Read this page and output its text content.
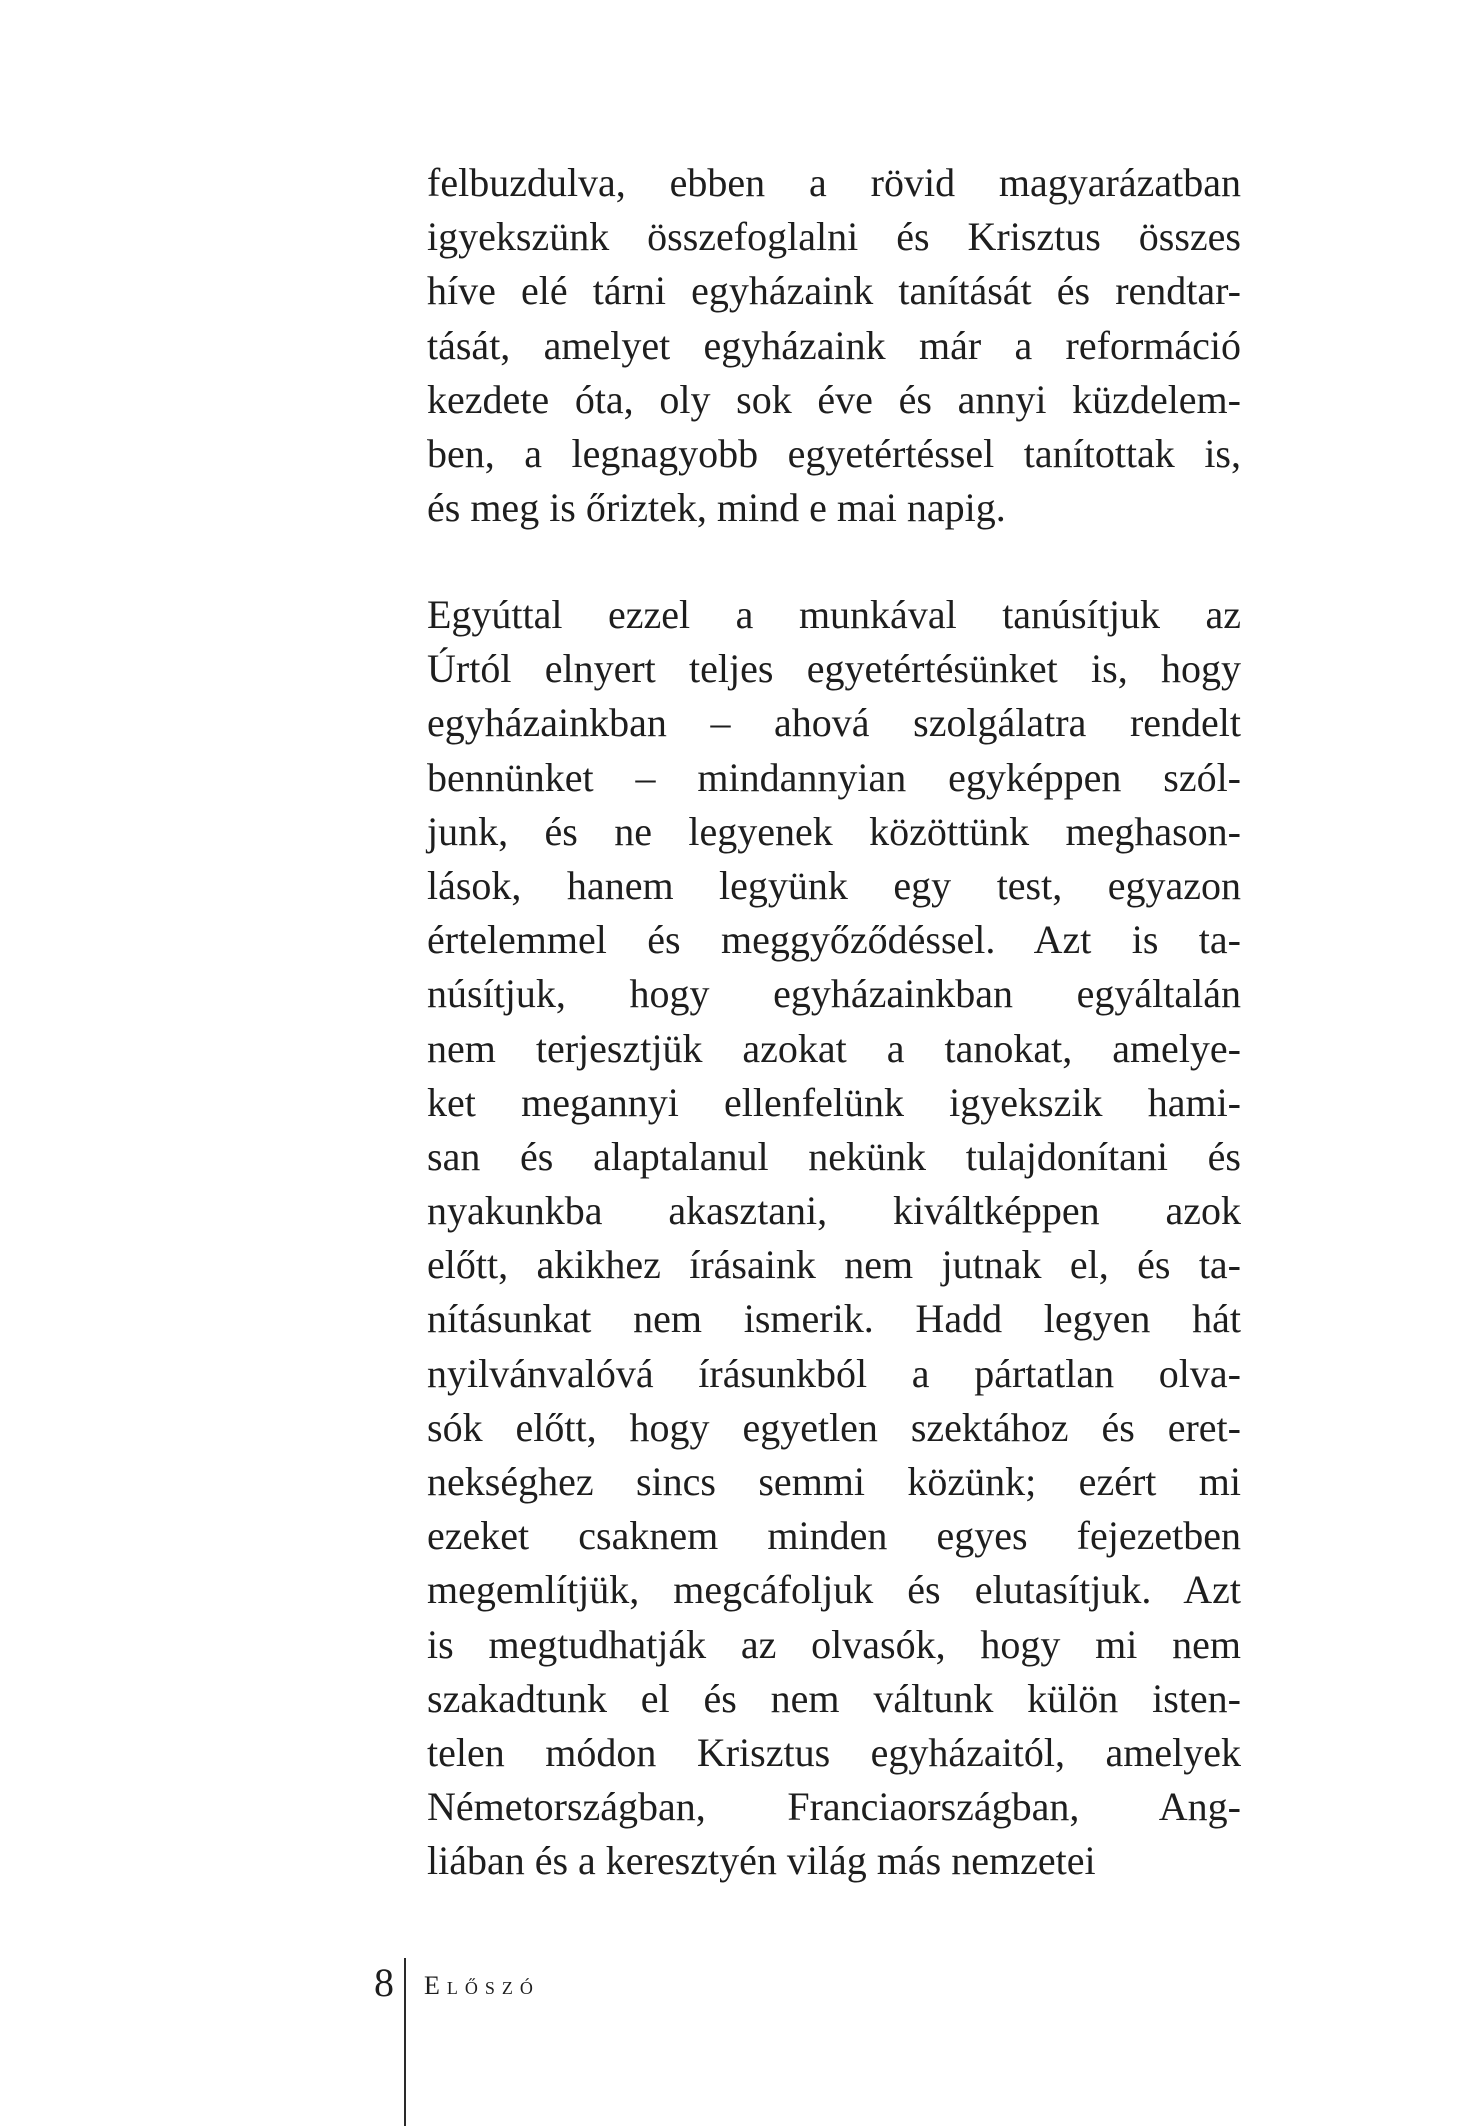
felbuzdulva, ebben a rövid magyarázatban
igyekszünk összefoglalni és Krisztus összes
híve elé tárni egyházaink tanítását és rendtar-
tását, amelyet egyházaink már a reformáció
kezdete óta, oly sok éve és annyi küzdelem-
ben, a legnagyobb egyetértéssel tanítottak is,
és meg is őriztek, mind e mai napig.
Egyúttal ezzel a munkával tanúsítjuk az
Úrtól elnyert teljes egyetértésünket is, hogy
egyházainkban – ahová szolgálatra rendelt
bennünket – mindannyian egyképpen szól-
junk, és ne legyenek közöttünk meghason-
lások, hanem legyünk egy test, egyazon
értelemmel és meggyőződéssel. Azt is ta-
núsítjuk, hogy egyházainkban egyáltalán
nem terjesztjük azokat a tanokat, amelye-
ket megannyi ellenfelünk igyekszik hami-
san és alaptalanul nekünk tulajdonítani és
nyakunkba akasztani, kiváltképpen azok
előtt, akikhez írásaink nem jutnak el, és ta-
nításunkat nem ismerik. Hadd legyen hát
nyilvánvalóvá írásunkból a pártatlan olva-
sók előtt, hogy egyetlen szektához és eret-
nekséghez sincs semmi közünk; ezért mi
ezeket csaknem minden egyes fejezetben
megemlítjük, megcáfoljuk és elutasítjuk. Azt
is megtudhatják az olvasók, hogy mi nem
szakadtunk el és nem váltunk külön isten-
telen módon Krisztus egyházaitól, amelyek
Németországban, Franciaországban, Ang-
liában és a keresztyén világ más nemzetei
8 Előszó
